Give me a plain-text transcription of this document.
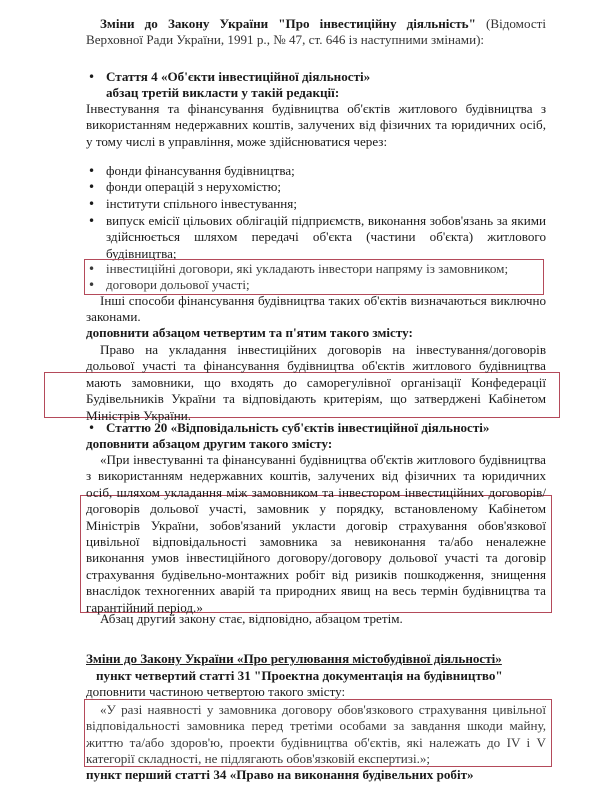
Зміни до Закону України "Про інвестиційну діяльність" (Відомості Верховної Ради України, 1991 р., № 47, ст. 646 із наступними змінами):
• Стаття 4 «Об'єкти інвестиційної діяльності»
абзац третій викласти у такій редакції:
Інвестування та фінансування будівництва об'єктів житлового будівництва з використанням недержавних коштів, залучених від фізичних та юридичних осіб, у тому числі в управління, може здійснюватися через:
• фонди фінансування будівництва;
• фонди операцій з нерухомістю;
• інститути спільного інвестування;
• випуск емісії цільових облігацій підприємств, виконання зобов'язань за якими здійснюється шляхом передачі об'єкта (частини об'єкта) житлового будівництва;
• інвестиційні договори, які укладають інвестори напряму із замовником;
• договори дольової участі;
Інші способи фінансування будівництва таких об'єктів визначаються виключно законами.
доповнити абзацом четвертим та п'ятим такого змісту:
Право на укладання інвестиційних договорів на інвестування/договорів дольової участі та фінансування будівництва об'єктів житлового будівництва мають замовники, що входять до саморегулівної організації Конфедерації Будівельників України та відповідають критеріям, що затверджені Кабінетом Міністрів України.
• Статтю 20 «Відповідальність суб'єктів інвестиційної діяльності»
доповнити абзацом другим такого змісту:
«При інвестуванні та фінансуванні будівництва об'єктів житлового будівництва з використанням недержавних коштів, залучених від фізичних та юридичних осіб, шляхом укладання між замовником та інвестором інвестиційних договорів/договорів дольової участі, замовник у порядку, встановленому Кабінетом Міністрів України, зобов'язаний укласти договір страхування обов'язкової цивільної відповідальності замовника за невиконання та/або неналежне виконання умов інвестиційного договору/договору дольової участі та договір страхування будівельно-монтажних робіт від ризиків пошкодження, знищення внаслідок техногенних аварій та природних явищ на весь термін будівництва та гарантійний період.»
Абзац другий закону стає, відповідно, абзацом третім.
Зміни до Закону України «Про регулювання містобудівної діяльності»
пункт четвертий статті 31 "Проектна документація на будівництво"
доповнити частиною четвертою такого змісту:
«У разі наявності у замовника договору обов'язкового страхування цивільної відповідальності замовника перед третіми особами за завдання шкоди майну, життю та/або здоров'ю, проекти будівництва об'єктів, які належать до IV і V категорії складності, не підлягають обов'язковій експертизі.»;
пункт перший статті 34 «Право на виконання будівельних робіт»
